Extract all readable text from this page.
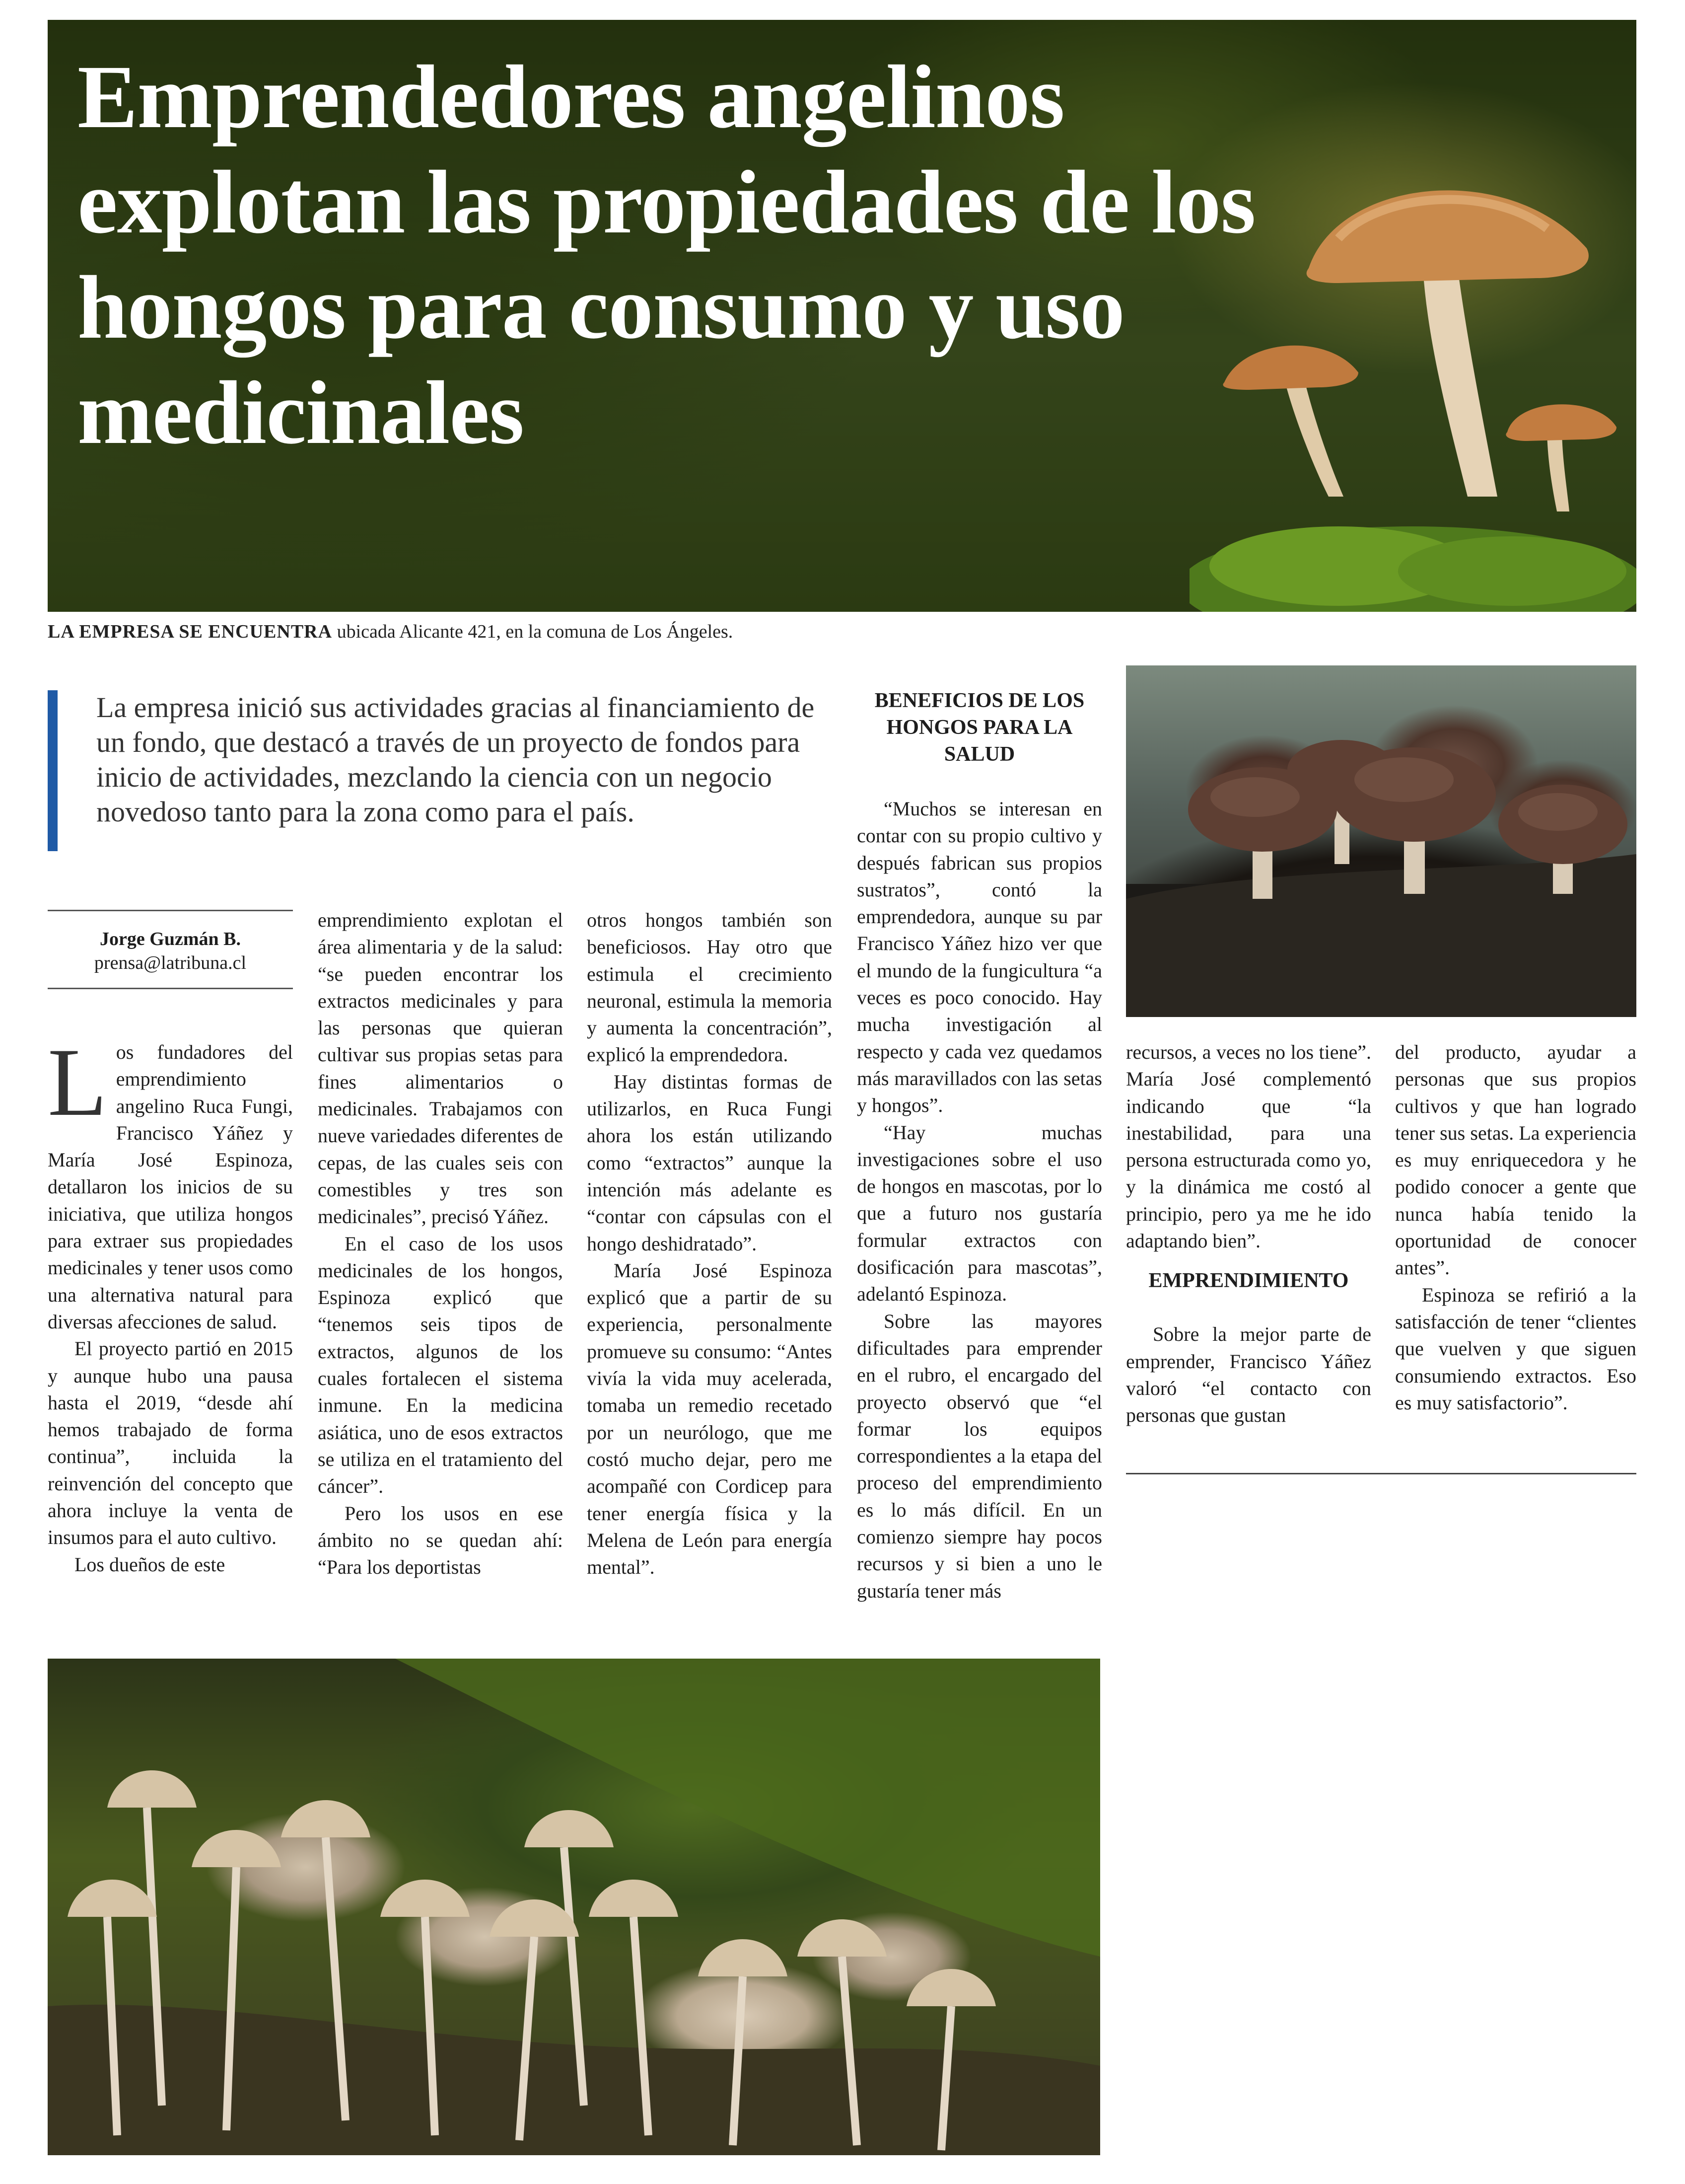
Emprendedores angelinos explotan las propiedades de los hongos para consumo y uso medicinales
LA EMPRESA SE ENCUENTRA ubicada Alicante 421, en la comuna de Los Ángeles.
La empresa inició sus actividades gracias al financiamiento de un fondo, que destacó a través de un proyecto de fondos para inicio de actividades, mezclando la ciencia con un negocio novedoso tanto para la zona como para el país.
Jorge Guzmán B.
prensa@latribuna.cl

Los fundadores del emprendimiento angelino Ruca Fungi, Francisco Yáñez y María José Espinoza, detallaron los inicios de su iniciativa, que utiliza hongos para extraer sus propiedades medicinales y tener usos como una alternativa natural para diversas afecciones de salud.

El proyecto partió en 2015 y aunque hubo una pausa hasta el 2019, “desde ahí hemos trabajado de forma continua”, incluida la reinvención del concepto que ahora incluye la venta de insumos para el auto cultivo.

Los dueños de este

emprendimiento explotan el área alimentaria y de la salud: “se pueden encontrar los extractos medicinales y para las personas que quieran cultivar sus propias setas para fines alimentarios o medicinales. Trabajamos con nueve variedades diferentes de cepas, de las cuales seis con comestibles y tres son medicinales”, precisó Yáñez.

En el caso de los usos medicinales de los hongos, Espinoza explicó que “tenemos seis tipos de extractos, algunos de los cuales fortalecen el sistema inmune. En la medicina asiática, uno de esos extractos se utiliza en el tratamiento del cáncer”.

Pero los usos en ese ámbito no se quedan ahí: “Para los deportistas

otros hongos también son beneficiosos. Hay otro que estimula el crecimiento neuronal, estimula la memoria y aumenta la concentración”, explicó la emprendedora.

Hay distintas formas de utilizarlos, en Ruca Fungi ahora los están utilizando como “extractos” aunque la intención más adelante es “contar con cápsulas con el hongo deshidratado”.

María José Espinoza explicó que a partir de su experiencia, personalmente promueve su consumo: “Antes vivía la vida muy acelerada, tomaba un remedio recetado por un neurólogo, que me costó mucho dejar, pero me acompañé con Cordicep para tener energía física y la Melena de León para energía mental”.

BENEFICIOS DE LOS HONGOS PARA LA SALUD

“Muchos se interesan en contar con su propio cultivo y después fabrican sus propios sustratos”, contó la emprendedora, aunque su par Francisco Yáñez hizo ver que el mundo de la fungicultura “a veces es poco conocido. Hay mucha investigación al respecto y cada vez quedamos más maravillados con las setas y hongos”.

“Hay muchas investigaciones sobre el uso de hongos en mascotas, por lo que a futuro nos gustaría formular extractos con dosificación para mascotas”, adelantó Espinoza.

Sobre las mayores dificultades para emprender en el rubro, el encargado del proyecto observó que “el formar los equipos correspondientes a la etapa del proceso del emprendimiento es lo más difícil. En un comienzo siempre hay pocos recursos y si bien a uno le gustaría tener más

recursos, a veces no los tiene”. María José complementó indicando que “la inestabilidad, para una persona estructurada como yo, y la dinámica me costó al principio, pero ya me he ido adaptando bien”.

EMPRENDIMIENTO

Sobre la mejor parte de emprender, Francisco Yáñez valoró “el contacto con personas que gustan

del producto, ayudar a personas que sus propios cultivos y que han logrado tener sus setas. La experiencia es muy enriquecedora y he podido conocer a gente que nunca había tenido la oportunidad de conocer antes”.

Espinoza se refirió a la satisfacción de tener “clientes que vuelven y que siguen consumiendo extractos. Eso es muy satisfactorio”.
